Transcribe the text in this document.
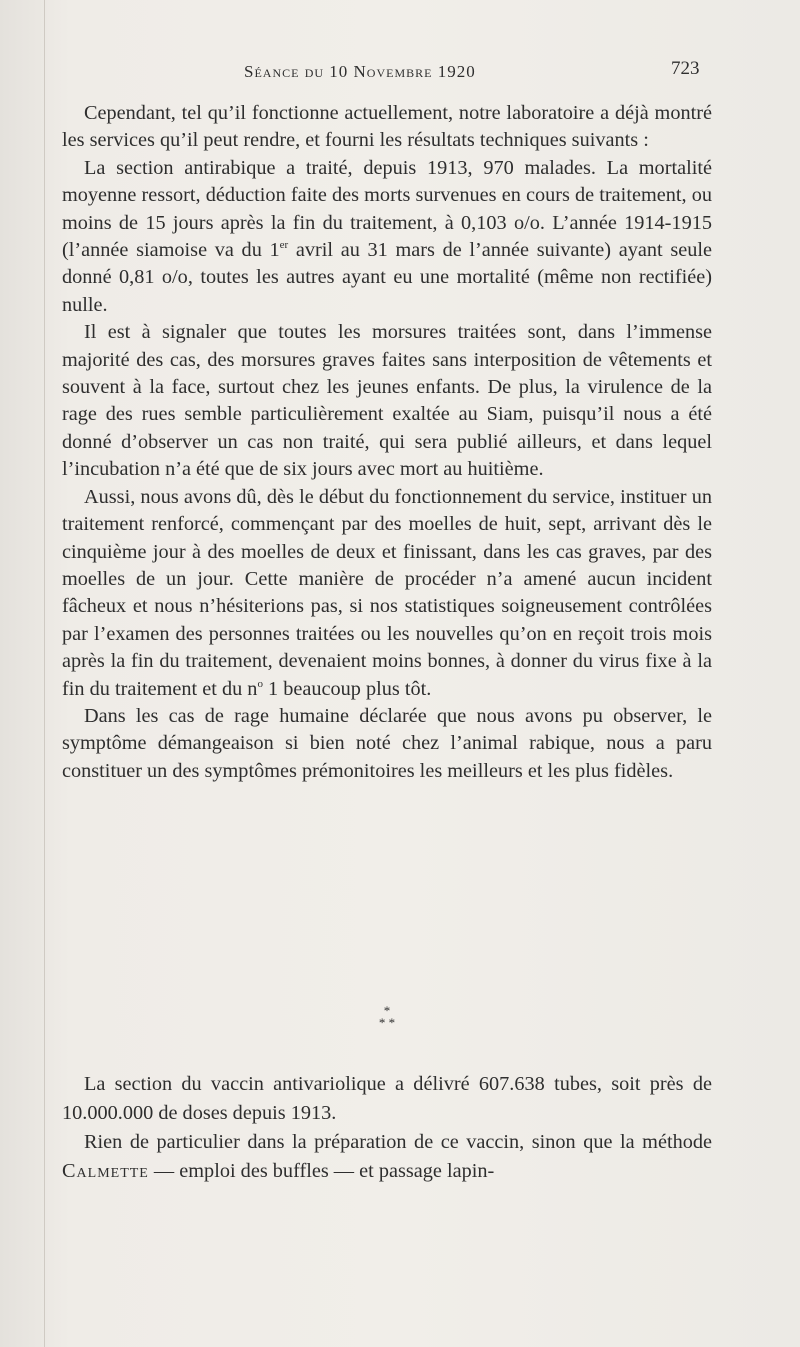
Séance du 10 Novembre 1920	723

Cependant, tel qu’il fonctionne actuellement, notre laboratoire a déjà montré les services qu’il peut rendre, et fourni les résultats techniques suivants :

La section antirabique a traité, depuis 1913, 970 malades. La mortalité moyenne ressort, déduction faite des morts survenues en cours de traitement, ou moins de 15 jours après la fin du traitement, à 0,103 o/o. L’année 1914-1915 (l’année siamoise va du 1er avril au 31 mars de l’année suivante) ayant seule donné 0,81 o/o, toutes les autres ayant eu une mortalité (même non rectifiée) nulle.

Il est à signaler que toutes les morsures traitées sont, dans l’immense majorité des cas, des morsures graves faites sans interposition de vêtements et souvent à la face, surtout chez les jeunes enfants. De plus, la virulence de la rage des rues semble particulièrement exaltée au Siam, puisqu’il nous a été donné d’observer un cas non traité, qui sera publié ailleurs, et dans lequel l’incubation n’a été que de six jours avec mort au huitième.

Aussi, nous avons dû, dès le début du fonctionnement du service, instituer un traitement renforcé, commençant par des moelles de huit, sept, arrivant dès le cinquième jour à des moelles de deux et finissant, dans les cas graves, par des moelles de un jour. Cette manière de procéder n’a amené aucun incident fâcheux et nous n’hésiterions pas, si nos statistiques soigneusement contrôlées par l’examen des personnes traitées ou les nouvelles qu’on en reçoit trois mois après la fin du traitement, devenaient moins bonnes, à donner du virus fixe à la fin du traitement et du $n^o$ 1 beaucoup plus tôt.

Dans les cas de rage humaine déclarée que nous avons pu observer, le symptôme démangeaison si bien noté chez l’animal rabique, nous a paru constituer un des symptômes prémonitoires les meilleurs et les plus fidèles.

*
* *

La section du vaccin antivariolique a délivré 607.638 tubes, soit près de 10.000.000 de doses depuis 1913.

Rien de particulier dans la préparation de ce vaccin, sinon que la méthode Calmette — emploi des buffles — et passage lapin-
